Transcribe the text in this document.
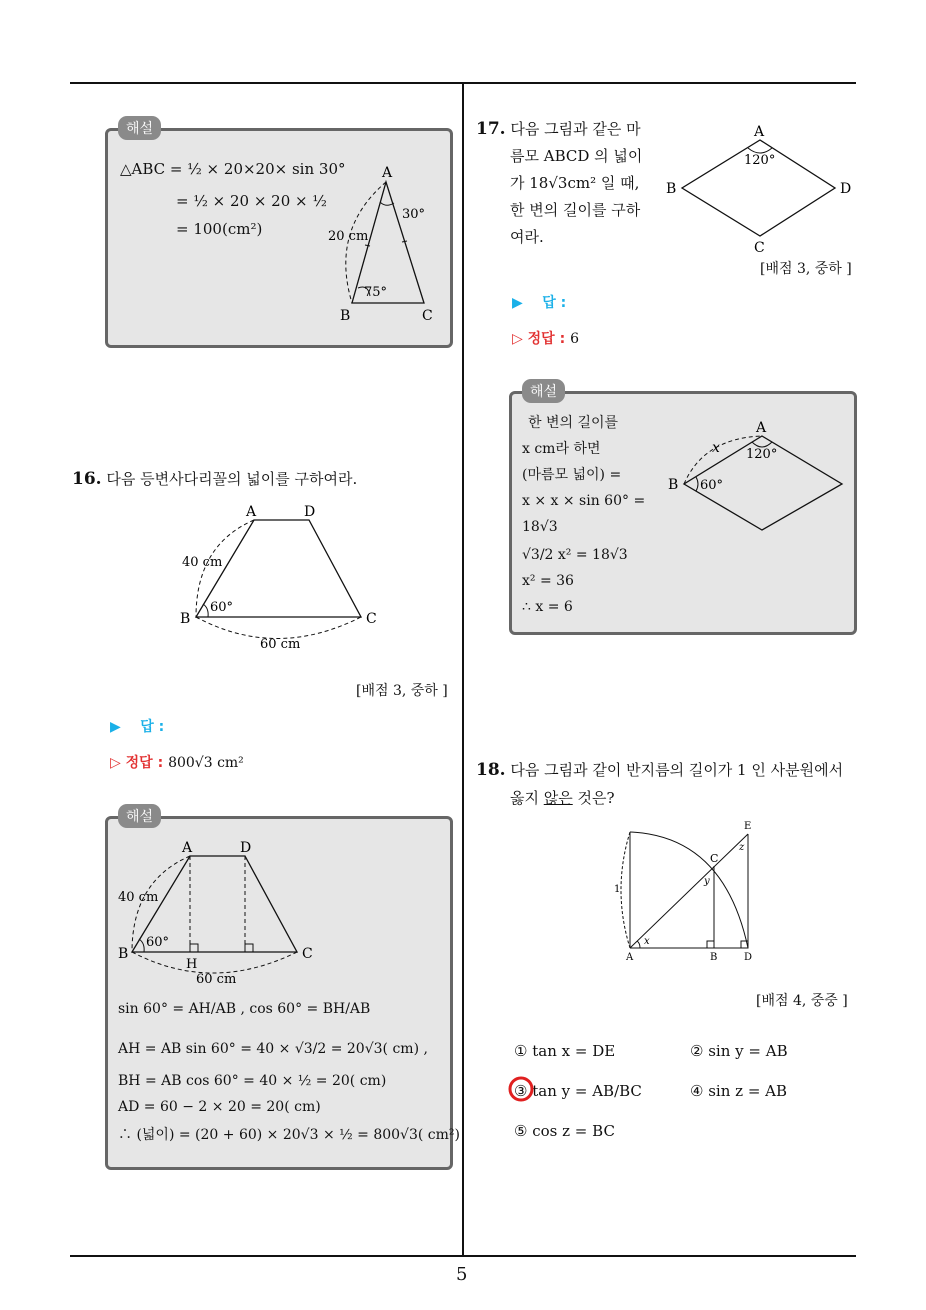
5
해설
△ABC = ½ × 20×20× sin 30°
= ½ × 20 × 20 × ½
= 100(cm²)
A
B	C
20 cm
30°
75°
16. 다음 등변사다리꼴의 넓이를 구하여라.
A	D
B	C
40 cm
60 cm
60°
[배점 3, 중하 ]
▶ 답 :
▷ 정답 : 800√3 cm²
해설
A	D
B	C
H
40 cm
60 cm
60°
sin 60° = AH/AB , cos 60° = BH/AB
AH = AB sin 60° = 40 × √3/2 = 20√3( cm) ,
BH = AB cos 60° = 40 × ½ = 20( cm)
AD = 60 − 2 × 20 = 20( cm)
∴ (넓이) = (20 + 60) × 20√3 × ½ = 800√3( cm²)
17. 다음 그림과 같은 마
름모 ABCD 의 넓이
가 18√3cm² 일 때,
한 변의 길이를 구하
여라.
A
B
C
D
120°
[배점 3, 중하 ]
▶ 답 :
▷ 정답 : 6
해설
한 변의 길이를
x cm라 하면
(마름모 넓이) =
x × x × sin 60° =
18√3
√3/2 x² = 18√3
x² = 36
∴ x = 6
A
B
x 120°
60°
18. 다음 그림과 같이 반지름의 길이가 1 인 사분원에서
옳지 않은 것은?
A	B	D
C
E
1
x
y
z
[배점 4, 중중 ]
① tan x = DE	② sin y = AB
③ tan y = AB/BC	④ sin z = AB
⑤ cos z = BC
